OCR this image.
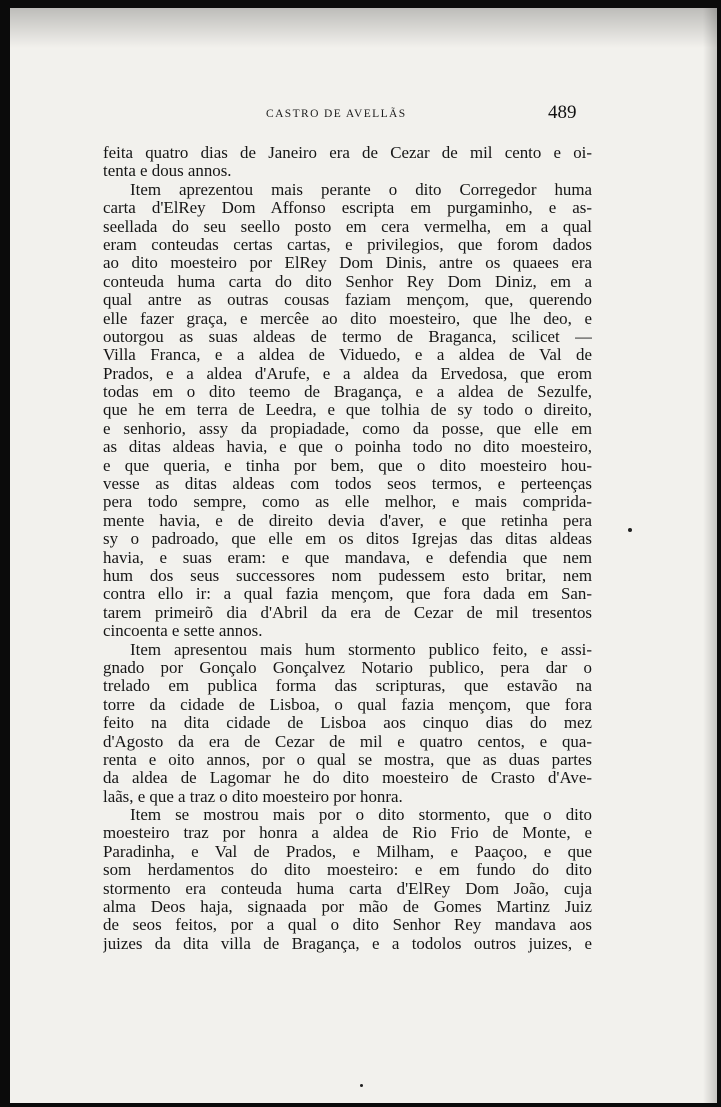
CASTRO DE AVELLÃS	489
feita quatro dias de Janeiro era de Cezar de mil cento e oi-
tenta e dous annos.
Item aprezentou mais perante o dito Corregedor huma
carta d'ElRey Dom Affonso escripta em purgaminho, e as-
seellada do seu seello posto em cera vermelha, em a qual
eram conteudas certas cartas, e privilegios, que forom dados
ao dito moesteiro por ElRey Dom Dinis, antre os quaees era
conteuda huma carta do dito Senhor Rey Dom Diniz, em a
qual antre as outras cousas faziam mençom, que, querendo
elle fazer graça, e mercêe ao dito moesteiro, que lhe deo, e
outorgou as suas aldeas de termo de Braganca, scilicet —
Villa Franca, e a aldea de Viduedo, e a aldea de Val de
Prados, e a aldea d'Arufe, e a aldea da Ervedosa, que erom
todas em o dito teemo de Bragança, e a aldea de Sezulfe,
que he em terra de Leedra, e que tolhia de sy todo o direito,
e senhorio, assy da propiadade, como da posse, que elle em
as ditas aldeas havia, e que o poinha todo no dito moesteiro,
e que queria, e tinha por bem, que o dito moesteiro hou-
vesse as ditas aldeas com todos seos termos, e perteenças
pera todo sempre, como as elle melhor, e mais comprida-
mente havia, e de direito devia d'aver, e que retinha pera
sy o padroado, que elle em os ditos Igrejas das ditas aldeas
havia, e suas eram: e que mandava, e defendia que nem
hum dos seus successores nom pudessem esto britar, nem
contra ello ir: a qual fazia mençom, que fora dada em San-
tarem primeirõ dia d'Abril da era de Cezar de mil tresentos
cincoenta e sette annos.
Item apresentou mais hum stormento publico feito, e assi-
gnado por Gonçalo Gonçalvez Notario publico, pera dar o
trelado em publica forma das scripturas, que estavão na
torre da cidade de Lisboa, o qual fazia mençom, que fora
feito na dita cidade de Lisboa aos cinquo dias do mez
d'Agosto da era de Cezar de mil e quatro centos, e qua-
renta e oito annos, por o qual se mostra, que as duas partes
da aldea de Lagomar he do dito moesteiro de Crasto d'Ave-
laãs, e que a traz o dito moesteiro por honra.
Item se mostrou mais por o dito stormento, que o dito
moesteiro traz por honra a aldea de Rio Frio de Monte, e
Paradinha, e Val de Prados, e Milham, e Paaçoo, e que
som herdamentos do dito moesteiro: e em fundo do dito
stormento era conteuda huma carta d'ElRey Dom João, cuja
alma Deos haja, signaada por mão de Gomes Martinz Juiz
de seos feitos, por a qual o dito Senhor Rey mandava aos
juizes da dita villa de Bragança, e a todolos outros juizes, e
